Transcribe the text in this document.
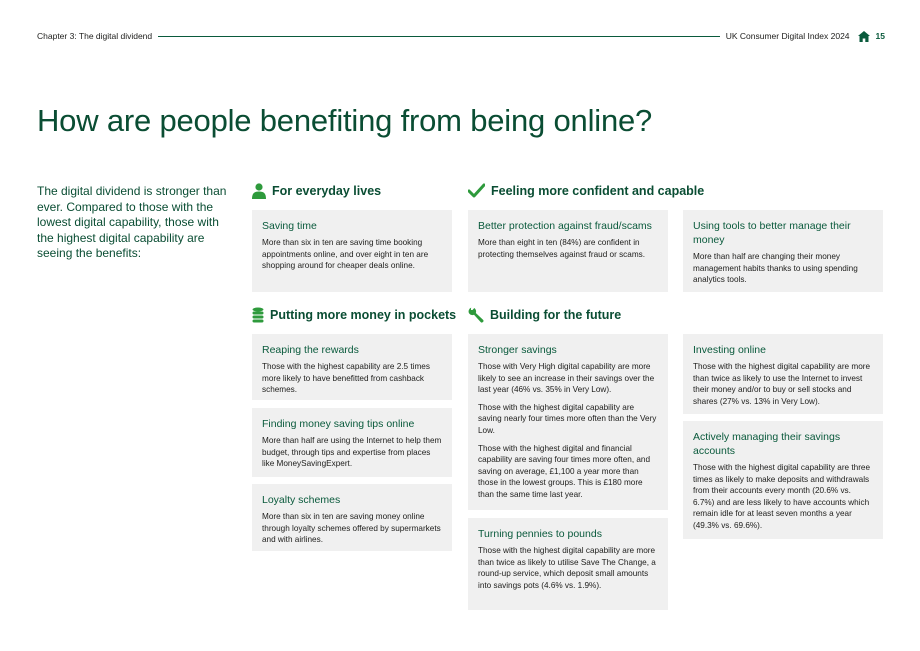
Chapter 3: The digital dividend	UK Consumer Digital Index 2024	15
How are people benefiting from being online?

The digital dividend is stronger than ever. Compared to those with the lowest digital capability, those with the highest digital capability are seeing the benefits:

For everyday lives	Feeling more confident and capable
Putting more money in pockets	Building for the future
Saving time

More than six in ten are saving time booking appointments online, and over eight in ten are shopping around for cheaper deals online.

Better protection against fraud/scams

More than eight in ten (84%) are confident in protecting themselves against fraud or scams.

Using tools to better manage their money

More than half are changing their money management habits thanks to using spending analytics tools.

Reaping the rewards

Those with the highest capability are 2.5 times more likely to have benefitted from cashback schemes.

Finding money saving tips online

More than half are using the Internet to help them budget, through tips and expertise from places like MoneySavingExpert.

Loyalty schemes

More than six in ten are saving money online through loyalty schemes offered by supermarkets and with airlines.

Stronger savings

Those with Very High digital capability are more likely to see an increase in their savings over the last year (46% vs. 35% in Very Low).

Those with the highest digital capability are saving nearly four times more often than the Very Low.

Those with the highest digital and financial capability are saving four times more often, and saving on average, £1,100 a year more than those in the lowest groups. This is £180 more than the same time last year.

Turning pennies to pounds

Those with the highest digital capability are more than twice as likely to utilise Save The Change, a round-up service, which deposit small amounts into savings pots (4.6% vs. 1.9%).

Investing online

Those with the highest digital capability are more than twice as likely to use the Internet to invest their money and/or to buy or sell stocks and shares (27% vs. 13% in Very Low).

Actively managing their savings accounts

Those with the highest digital capability are three times as likely to make deposits and withdrawals from their accounts every month (20.6% vs. 6.7%) and are less likely to have accounts which remain idle for at least seven months a year (49.3% vs. 69.6%).
